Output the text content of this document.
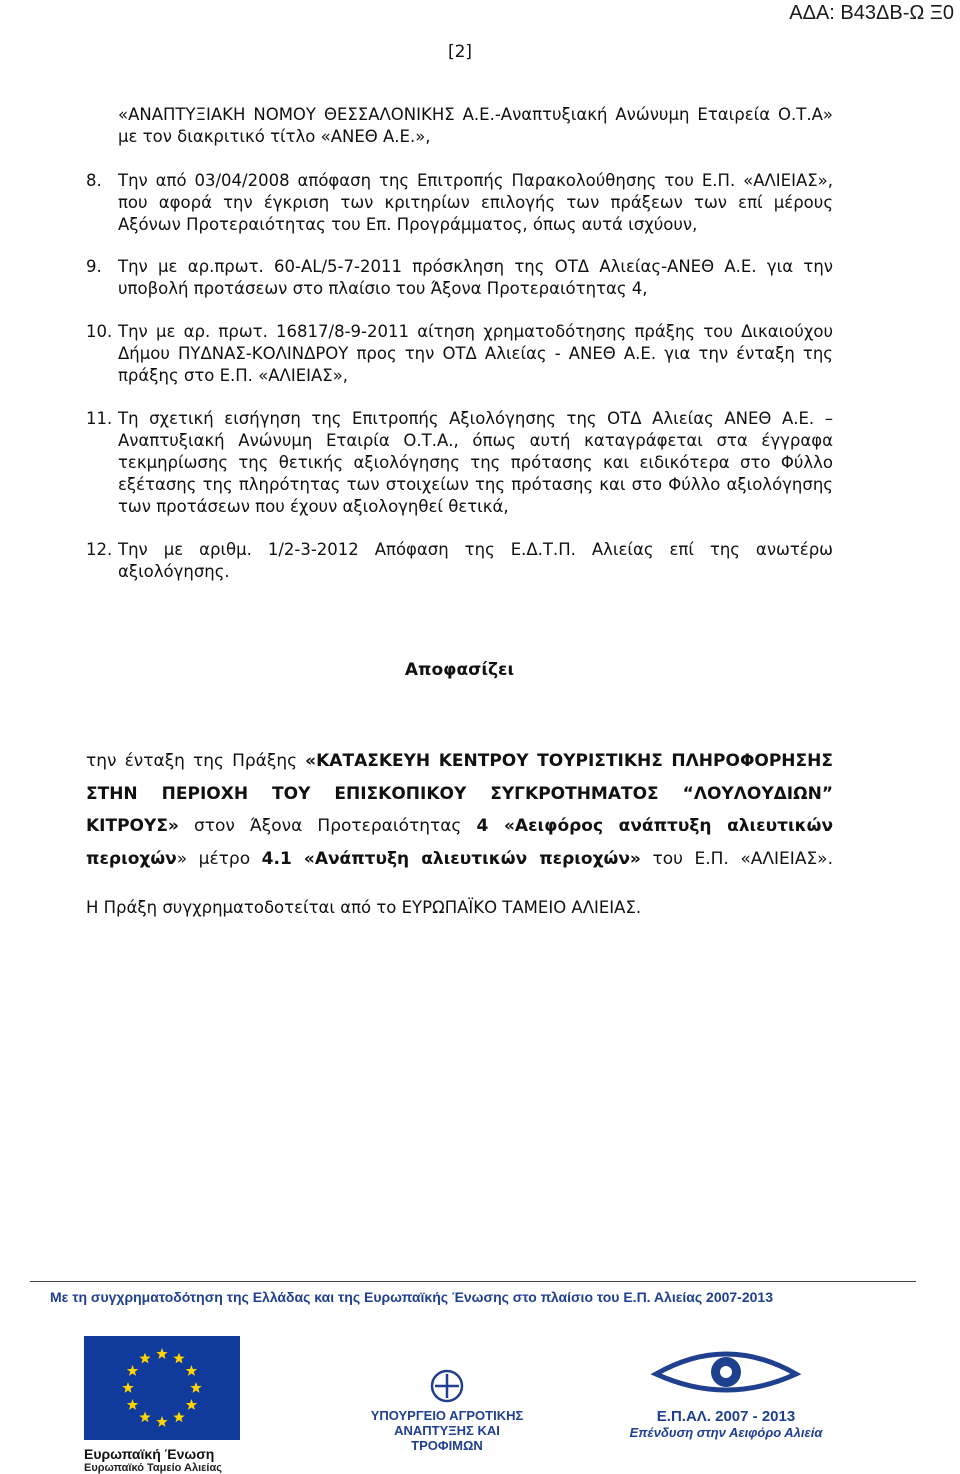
ΑΔΑ: Β43ΔΒ-Ω Ξ0
[2]
«ΑΝΑΠΤΥΞΙΑΚΗ ΝΟΜΟΥ ΘΕΣΣΑΛΟΝΙΚΗΣ Α.Ε.-Αναπτυξιακή Ανώνυμη Εταιρεία Ο.Τ.Α» με τον διακριτικό τίτλο «ΑΝΕΘ Α.Ε.»,
8. Την από 03/04/2008 απόφαση της Επιτροπής Παρακολούθησης του Ε.Π. «ΑΛΙΕΙΑΣ», που αφορά την έγκριση των κριτηρίων επιλογής των πράξεων των επί μέρους Αξόνων Προτεραιότητας του Επ. Προγράμματος, όπως αυτά ισχύουν,
9. Την με αρ.πρωτ. 60-AL/5-7-2011 πρόσκληση της ΟΤΔ Αλιείας-ΑΝΕΘ Α.Ε. για την υποβολή προτάσεων στο πλαίσιο του Άξονα Προτεραιότητας 4,
10. Την με αρ. πρωτ. 16817/8-9-2011 αίτηση χρηματοδότησης πράξης του Δικαιούχου Δήμου ΠΥΔΝΑΣ-ΚΟΛΙΝΔΡΟΥ προς την ΟΤΔ Αλιείας - ΑΝΕΘ Α.Ε. για την ένταξη της πράξης στο Ε.Π. «ΑΛΙΕΙΑΣ»,
11. Τη σχετική εισήγηση της Επιτροπής Αξιολόγησης της ΟΤΔ Αλιείας ΑΝΕΘ Α.Ε. – Αναπτυξιακή Ανώνυμη Εταιρία Ο.Τ.Α., όπως αυτή καταγράφεται στα έγγραφα τεκμηρίωσης της θετικής αξιολόγησης της πρότασης και ειδικότερα στο Φύλλο εξέτασης της πληρότητας των στοιχείων της πρότασης και στο Φύλλο αξιολόγησης των προτάσεων που έχουν αξιολογηθεί θετικά,
12. Την με αριθμ. 1/2-3-2012 Απόφαση της Ε.Δ.Τ.Π. Αλιείας επί της ανωτέρω αξιολόγησης.
Αποφασίζει
την ένταξη της Πράξης «ΚΑΤΑΣΚΕΥΗ ΚΕΝΤΡΟΥ ΤΟΥΡΙΣΤΙΚΗΣ ΠΛΗΡΟΦΟΡΗΣΗΣ ΣΤΗΝ ΠΕΡΙΟΧΗ ΤΟΥ ΕΠΙΣΚΟΠΙΚΟΥ ΣΥΓΚΡΟΤΗΜΑΤΟΣ “ΛΟΥΛΟΥΔΙΩΝ” ΚΙΤΡΟΥΣ» στον Άξονα Προτεραιότητας 4 «Αειφόρος ανάπτυξη αλιευτικών περιοχών» μέτρο 4.1 «Ανάπτυξη αλιευτικών περιοχών» του Ε.Π. «ΑΛΙΕΙΑΣ».
Η Πράξη συγχρηματοδοτείται από το ΕΥΡΩΠΑΪΚΟ ΤΑΜΕΙΟ ΑΛΙΕΙΑΣ.
Με τη συγχρηματοδότηση της Ελλάδας και της Ευρωπαϊκής Ένωσης στο πλαίσιο του Ε.Π. Αλιείας 2007-2013
Ευρωπαϊκή Ένωση
Ευρωπαϊκό Ταμείο Αλιείας
ΥΠΟΥΡΓΕΙΟ ΑΓΡΟΤΙΚΗΣ
ΑΝΑΠΤΥΞΗΣ ΚΑΙ ΤΡΟΦΙΜΩΝ
Ε.Π.ΑΛ. 2007 - 2013
Επένδυση στην Αειφόρο Αλιεία
